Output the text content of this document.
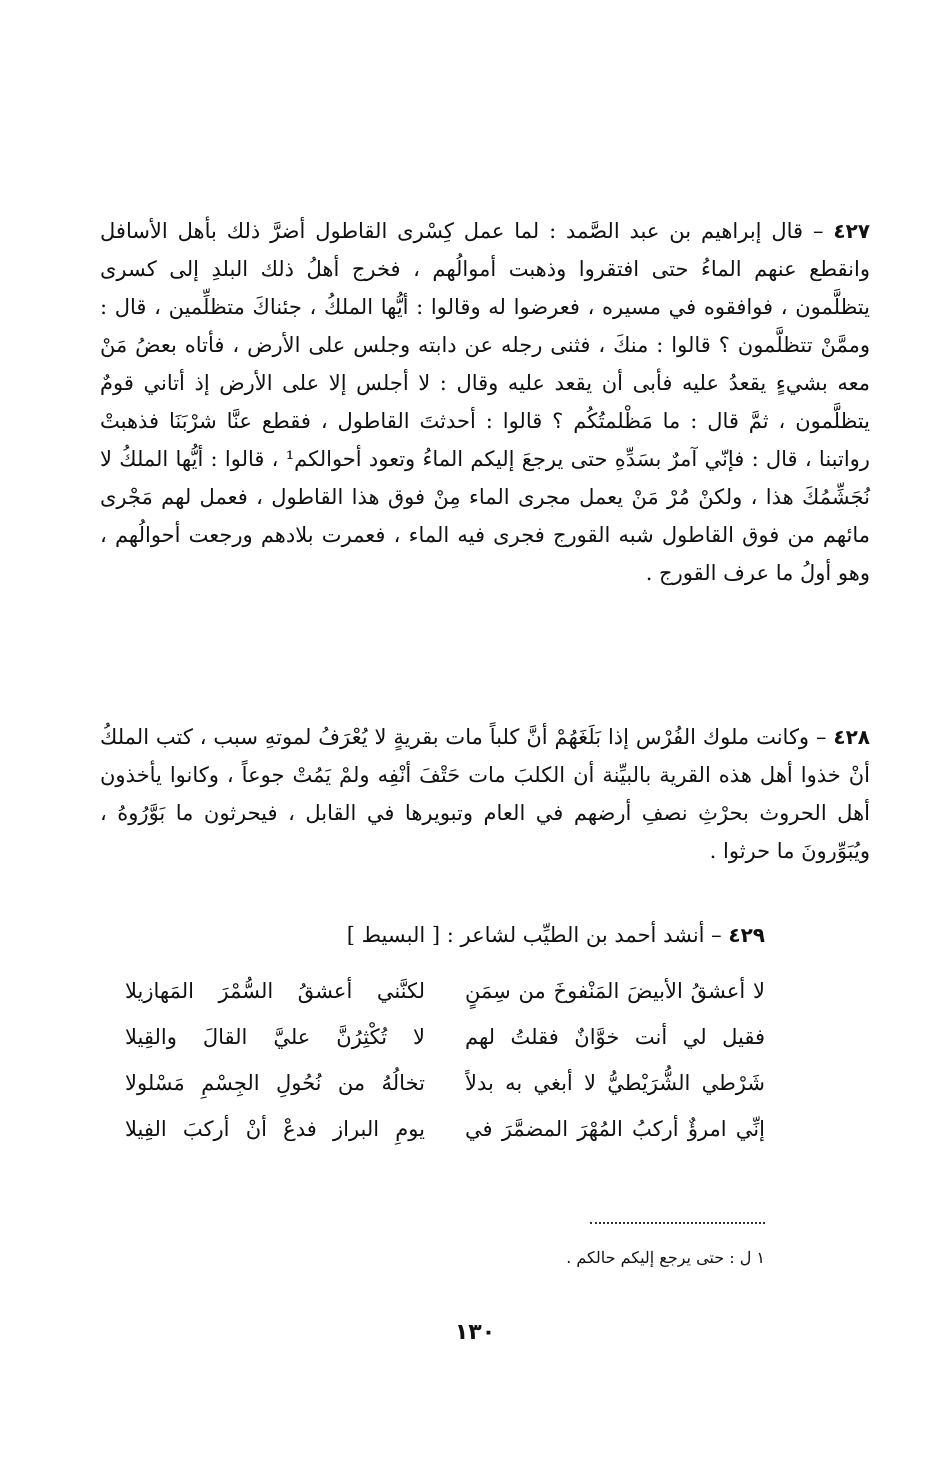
٤٢٧ – قال إبراهيم بن عبد الصَّمد : لما عمل كِسْرى القاطول أضرَّ ذلك بأهل الأسافل وانقطع عنهم الماءُ حتى افتقروا وذهبت أموالُهم ، فخرج أهلُ ذلك البلدِ إلى كسرى يتظلَّمون ، فوافقوه في مسيره ، فعرضوا له وقالوا : أيُّها الملكُ ، جئناكَ متظلِّمين ، قال : وممَّنْ تتظلَّمون ؟ قالوا : منكَ ، فثنى رجله عن دابته وجلس على الأرض ، فأتاه بعضُ مَنْ معه بشيءٍ يقعدُ عليه فأبى أن يقعد عليه وقال : لا أجلس إلا على الأرض إذ أتاني قومٌ يتظلَّمون ، ثمَّ قال : ما مَظْلمتُكُم ؟ قالوا : أحدثتَ القاطول ، فقطع عنَّا شرْبَنَا فذهبتْ رواتبنا ، قال : فإنّي آمرٌ بسَدِّهِ حتى يرجعَ إليكم الماءُ وتعود أحوالكم¹ ، قالوا : أيُّها الملكُ لا نُجَشِّمُكَ هذا ، ولكنْ مُرْ مَنْ يعمل مجرى الماء مِنْ فوق هذا القاطول ، فعمل لهم مَجْرى مائهم من فوق القاطول شبه القورج فجرى فيه الماء ، فعمرت بلادهم ورجعت أحوالُهم ، وهو أولُ ما عرف القورج .

٤٢٨ – وكانت ملوك الفُرْس إذا بَلَغَهُمْ أنَّ كلباً مات بقريةٍ لا يُعْرَفُ لموتهِ سبب ، كتب الملكُ أنْ خذوا أهل هذه القرية بالبيِّنة أن الكلبَ مات حَتْفَ أنْفِه ولمْ يَمُتْ جوعاً ، وكانوا يأخذون أهل الحروث بحرْثِ نصفِ أرضهم في العام وتبويرها في القابل ، فيحرثون ما بَوَّرُوهُ ، ويُبَوِّرونَ ما حرثوا .

٤٢٩ – أنشد أحمد بن الطيِّب لشاعر : [ البسيط ]

لا أعشقُ الأبيضَ المَنْفوخَ من سِمَنٍ
لكنَّني أعشقُ السُّمْرَ المَهازيلا
فقيل لي أنت خوَّانٌ فقلتُ لهم
لا تُكْثِرُنَّ عليَّ القالَ والقِيلا
شَرْطي الشُّرَيْطيُّ لا أبغي به بدلاً
تخالُهُ من نُحُولِ الجِسْمِ مَسْلولا
إنِّي امرؤٌ أركبُ المُهْرَ المضمَّرَ في
يومِ البراز فدعْ أنْ أركبَ الفِيلا
١ ل : حتى يرجع إليكم حالكم .
١٣٠
